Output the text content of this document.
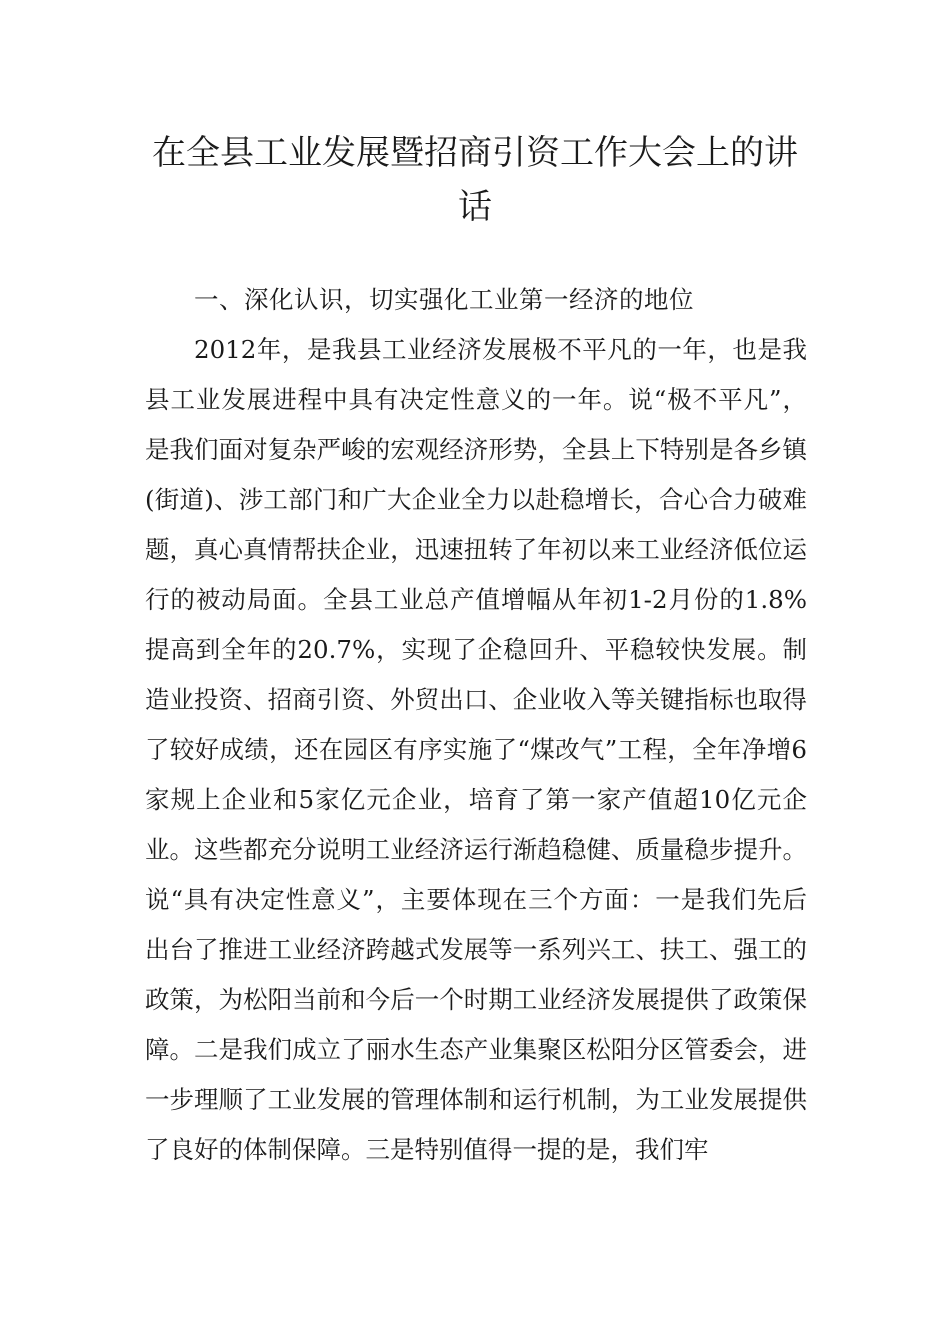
在全县工业发展暨招商引资工作大会上的讲话

一、深化认识，切实强化工业第一经济的地位

2012年，是我县工业经济发展极不平凡的一年，也是我县工业发展进程中具有决定性意义的一年。说“极不平凡”，是我们面对复杂严峻的宏观经济形势，全县上下特别是各乡镇(街道)、涉工部门和广大企业全力以赴稳增长，合心合力破难题，真心真情帮扶企业，迅速扭转了年初以来工业经济低位运行的被动局面。全县工业总产值增幅从年初1-2月份的1.8%提高到全年的20.7%，实现了企稳回升、平稳较快发展。制造业投资、招商引资、外贸出口、企业收入等关键指标也取得了较好成绩，还在园区有序实施了“煤改气”工程，全年净增6家规上企业和5家亿元企业，培育了第一家产值超10亿元企业。这些都充分说明工业经济运行渐趋稳健、质量稳步提升。说“具有决定性意义”，主要体现在三个方面：一是我们先后出台了推进工业经济跨越式发展等一系列兴工、扶工、强工的政策，为松阳当前和今后一个时期工业经济发展提供了政策保障。二是我们成立了丽水生态产业集聚区松阳分区管委会，进一步理顺了工业发展的管理体制和运行机制，为工业发展提供了良好的体制保障。三是特别值得一提的是，我们牢
